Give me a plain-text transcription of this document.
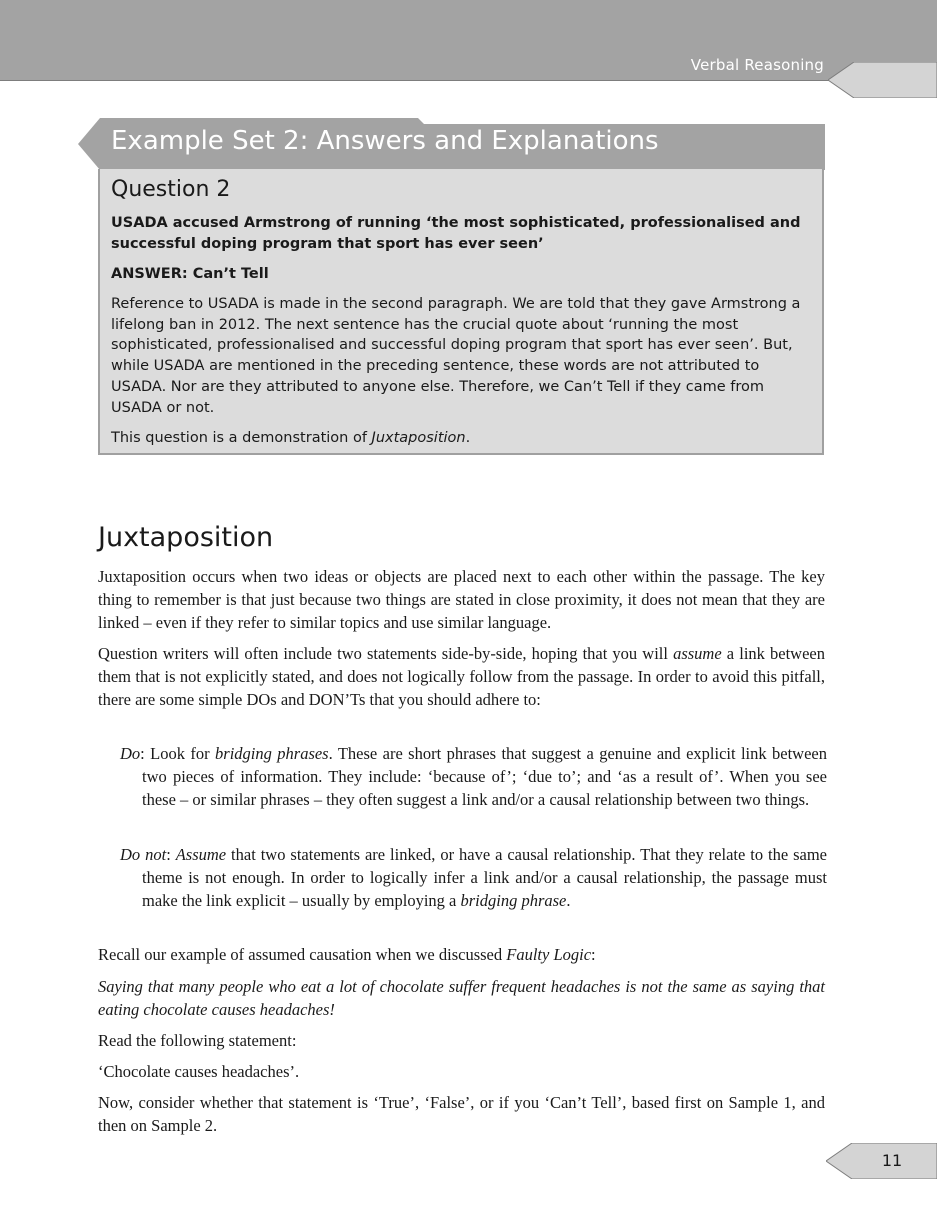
Verbal Reasoning
Example Set 2: Answers and Explanations
Question 2

USADA accused Armstrong of running ‘the most sophisticated, professionalised and successful doping program that sport has ever seen’

ANSWER: Can’t Tell

Reference to USADA is made in the second paragraph. We are told that they gave Armstrong a lifelong ban in 2012. The next sentence has the crucial quote about ‘running the most sophisticated, professionalised and successful doping program that sport has ever seen’. But, while USADA are mentioned in the preceding sentence, these words are not attributed to USADA. Nor are they attributed to anyone else. Therefore, we Can’t Tell if they came from USADA or not.

This question is a demonstration of Juxtaposition.

Juxtaposition

Juxtaposition occurs when two ideas or objects are placed next to each other within the passage. The key thing to remember is that just because two things are stated in close proximity, it does not mean that they are linked – even if they refer to similar topics and use similar language.

Question writers will often include two statements side-by-side, hoping that you will assume a link between them that is not explicitly stated, and does not logically follow from the passage. In order to avoid this pitfall, there are some simple DOs and DON’Ts that you should adhere to:

Do: Look for bridging phrases. These are short phrases that suggest a genuine and explicit link between two pieces of information. They include: ‘because of’; ‘due to’; and ‘as a result of’. When you see these – or similar phrases – they often suggest a link and/or a causal relationship between two things.

Do not: Assume that two statements are linked, or have a causal relationship. That they relate to the same theme is not enough. In order to logically infer a link and/or a causal relationship, the passage must make the link explicit – usually by employing a bridging phrase.

Recall our example of assumed causation when we discussed Faulty Logic:

Saying that many people who eat a lot of chocolate suffer frequent headaches is not the same as saying that eating chocolate causes headaches!

Read the following statement:

‘Chocolate causes headaches’.

Now, consider whether that statement is ‘True’, ‘False’, or if you ‘Can’t Tell’, based first on Sample 1, and then on Sample 2.

11
